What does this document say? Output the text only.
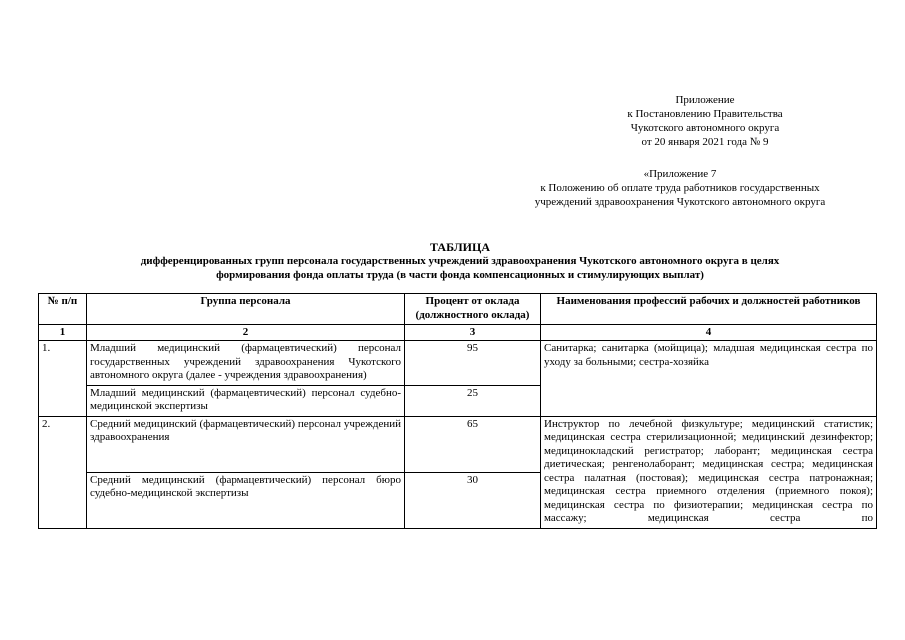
Приложение
к Постановлению Правительства
Чукотского автономного округа
от 20 января 2021 года № 9
«Приложение 7
к Положению об оплате труда работников государственных
учреждений здравоохранения Чукотского автономного округа
ТАБЛИЦА
дифференцированных групп персонала государственных учреждений здравоохранения Чукотского автономного округа в целях
формирования фонда оплаты труда (в части фонда компенсационных и стимулирующих выплат)
№ п/п	Группа персонала	Процент от оклада (должностного оклада)	Наименования профессий рабочих и должностей работников
1	2	3	4
1.	Младший медицинский (фармацевтический) персонал государственных учреждений здравоохранения Чукотского автономного округа (далее - учреждения здравоохранения)	95	Санитарка; санитарка (мойщица); младшая медицинская сестра по уходу за больными; сестра-хозяйка
	Младший медицинский (фармацевтический) персонал судебно-медицинской экспертизы	25	
2.	Средний медицинский (фармацевтический) персонал учреждений здравоохранения	65	Инструктор по лечебной физкультуре; медицинский статистик; медицинская сестра стерилизационной; медицинский дезинфектор; медицинокладский регистратор; лаборант; медицинская сестра диетическая; ренгенолаборант; медицинская сестра; медицинская сестра палатная (постовая); медицинская сестра патронажная; медицинская сестра приемного отделения (приемного покоя); медицинская сестра по физиотерапии; медицинская сестра по массажу; медицинская сестра по
	Средний медицинский (фармацевтический) персонал бюро судебно-медицинской экспертизы	30	
